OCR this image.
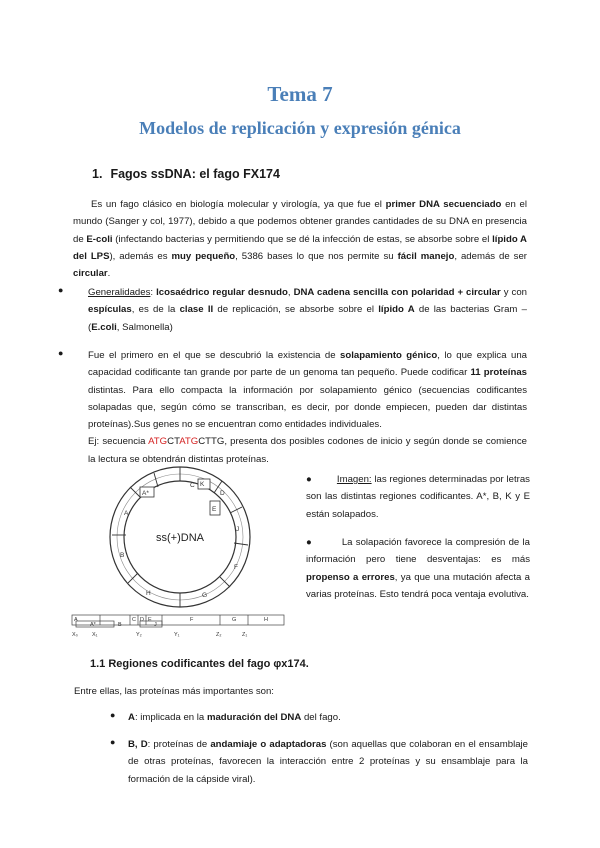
Tema 7
Modelos de replicación y expresión génica
1. Fagos ssDNA: el fago FX174
Es un fago clásico en biología molecular y virología, ya que fue el primer DNA secuenciado en el mundo (Sanger y col, 1977), debido a que podemos obtener grandes cantidades de su DNA en presencia de E-coli (infectando bacterias y permitiendo que se dé la infección de estas, se absorbe sobre el lípido A del LPS), además es muy pequeño, 5386 bases lo que nos permite su fácil manejo, además de ser circular.
●	Generalidades: Icosaédrico regular desnudo, DNA cadena sencilla con polaridad + circular y con espículas, es de la clase II de replicación, se absorbe sobre el lípido A de las bacterias Gram – (E.coli, Salmonella)
●	Fue el primero en el que se descubrió la existencia de solapamiento génico, lo que explica una capacidad codificante tan grande por parte de un genoma tan pequeño. Puede codificar 11 proteínas distintas. Para ello compacta la información por solapamiento génico (secuencias codificantes solapadas que, según cómo se transcriban, es decir, por donde empiecen, pueden dar distintas proteínas).Sus genes no se encuentran como entidades individuales.
Ej: secuencia ATGCTATGCTTG, presenta dos posibles codones de inicio y según donde se comience la lectura se obtendrán distintas proteínas.
A*
A
B
C
D
E
F
G
H
J
K
ss(+)DNA
A
A*	B
C D E
J
F	G	H
X₀	X₁	Y₂	Y₁	Z₂	Z₁
●         Imagen: las regiones determinadas por letras son las distintas regiones codificantes. A*, B, K y E están solapados.
●         La solapación favorece la compresión de la información pero tiene desventajas: es más propenso a errores, ya que una mutación afecta a varias proteínas. Esto tendrá poca ventaja evolutiva.
1.1 Regiones codificantes del fago φx174.
Entre ellas, las proteínas más importantes son:
● A: implicada en la maduración del DNA del fago.
● B, D: proteínas de andamiaje o adaptadoras (son aquellas que colaboran en el ensamblaje de otras proteínas, favorecen la interacción entre 2 proteínas y su ensamblaje para la formación de la cápside viral).
